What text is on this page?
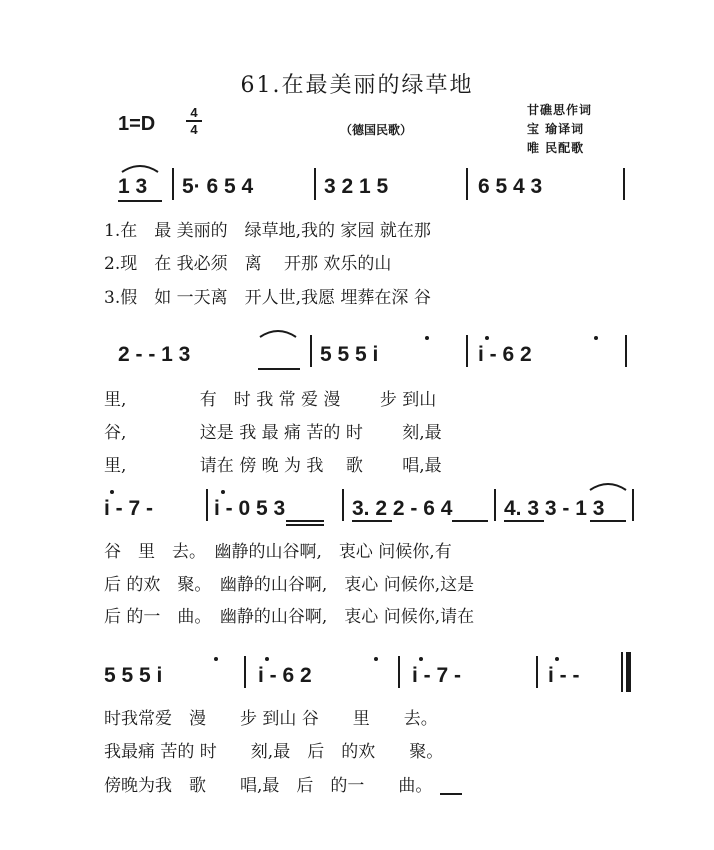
61.在最美丽的绿草地
1=D
4
4	（德国民歌）
甘礁思作词
宝 瑜译词
唯 民配歌
1 3 5· 6 5 4	3 2 1 5	6 5 4 3
1.在　最 美丽的　绿草地,我的 家园 就在那
2.现　在 我必须　离　 开那 欢乐的山
3.假　如 一天离　开人世,我愿 埋葬在深 谷
2 - - 1 3	5 5 5 i	i - 6 2
里,　　　　 有　时 我 常 爱 漫　　 步 到山
谷,　　　　 这是 我 最 痛 苦的 时　　 刻,最
里,　　　　 请在 傍 晚 为 我　 歌　　 唱,最
i - 7 -	i - 0 5 3	3. 2 2 - 6 4 4. 3 3 - 1 3
谷　里　去。　幽静的山谷啊,　衷心 问候你,有
后 的欢　聚。　幽静的山谷啊,　衷心 问候你,这是
后 的一　曲。　幽静的山谷啊,　衷心 问候你,请在
5 5 5 i	i - 6 2	i - 7 -	i - -
时我常爱　漫　　步 到山 谷　　里　　去。
我最痛 苦的 时　　刻,最　后　的欢　　聚。
傍晚为我　歌　　唱,最　后　的一　　曲。
